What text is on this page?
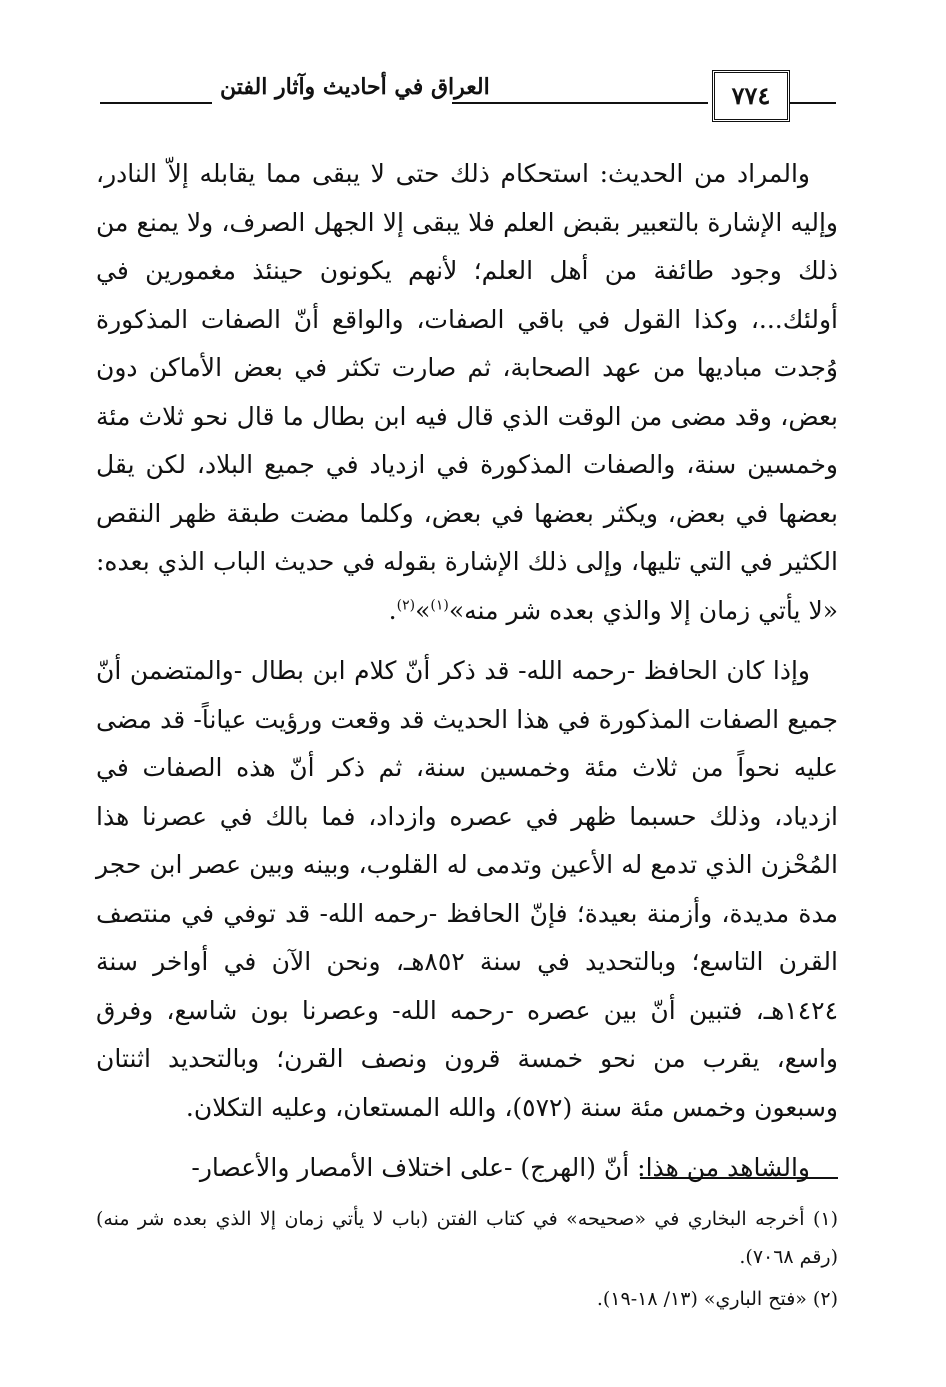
العراق في أحاديث وآثار الفتن	٧٧٤

والمراد من الحديث: استحكام ذلك حتى لا يبقى مما يقابله إلاّ النادر، وإليه الإشارة بالتعبير بقبض العلم فلا يبقى إلا الجهل الصرف، ولا يمنع من ذلك وجود طائفة من أهل العلم؛ لأنهم يكونون حينئذ مغمورين في أولئك...، وكذا القول في باقي الصفات، والواقع أنّ الصفات المذكورة وُجدت مباديها من عهد الصحابة، ثم صارت تكثر في بعض الأماكن دون بعض، وقد مضى من الوقت الذي قال فيه ابن بطال ما قال نحو ثلاث مئة وخمسين سنة، والصفات المذكورة في ازدياد في جميع البلاد، لكن يقل بعضها في بعض، ويكثر بعضها في بعض، وكلما مضت طبقة ظهر النقص الكثير في التي تليها، وإلى ذلك الإشارة بقوله في حديث الباب الذي بعده: «لا يأتي زمان إلا والذي بعده شر منه»$^{(١)}$»$^{(٢)}$.

وإذا كان الحافظ -رحمه الله- قد ذكر أنّ كلام ابن بطال -والمتضمن أنّ جميع الصفات المذكورة في هذا الحديث قد وقعت ورؤيت عياناً- قد مضى عليه نحواً من ثلاث مئة وخمسين سنة، ثم ذكر أنّ هذه الصفات في ازدياد، وذلك حسبما ظهر في عصره وازداد، فما بالك في عصرنا هذا المُحْزن الذي تدمع له الأعين وتدمى له القلوب، وبينه وبين عصر ابن حجر مدة مديدة، وأزمنة بعيدة؛ فإنّ الحافظ -رحمه الله- قد توفي في منتصف القرن التاسع؛ وبالتحديد في سنة ٨٥٢هـ، ونحن الآن في أواخر سنة ١٤٢٤هـ، فتبين أنّ بين عصره -رحمه الله- وعصرنا بون شاسع، وفرق واسع، يقرب من نحو خمسة قرون ونصف القرن؛ وبالتحديد اثنتان وسبعون وخمس مئة سنة (٥٧٢)، والله المستعان، وعليه التكلان.

والشاهد من هذا: أنّ (الهرج) -على اختلاف الأمصار والأعصار-

(١) أخرجه البخاري في «صحيحه» في كتاب الفتن (باب لا يأتي زمان إلا الذي بعده شر منه) (رقم ٧٠٦٨).

(٢) «فتح الباري» (١٣/ ١٨-١٩).
